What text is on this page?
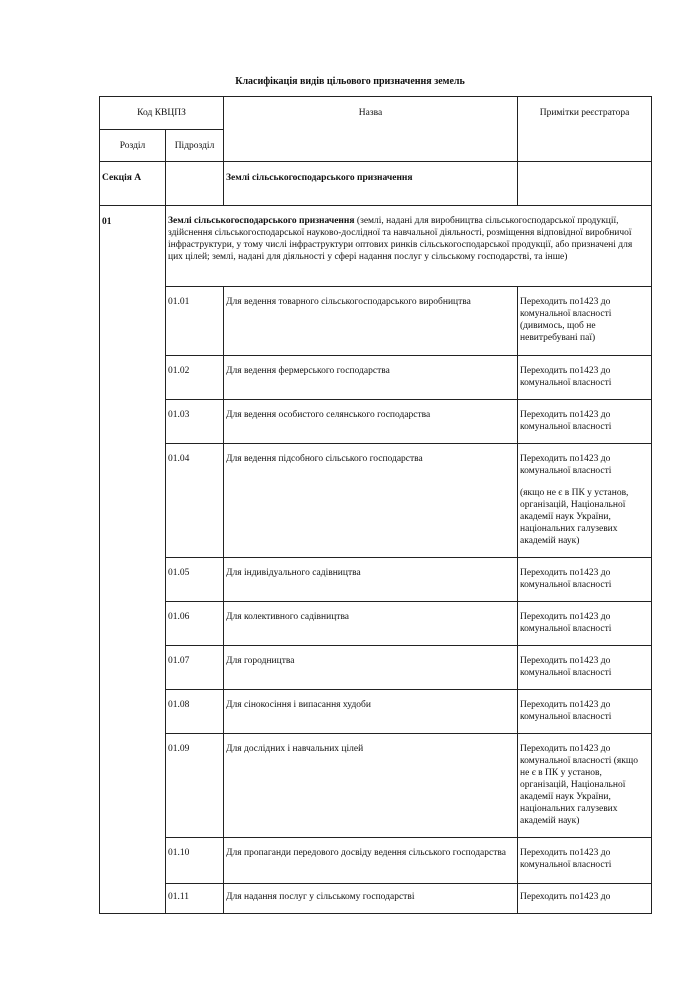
Класифікація видів цільового призначення земель
Код КВЦПЗ		Назва	Примітки реєстратора
Розділ	Підрозділ		
Секція А		Землі сільськогосподарського призначення	
01	Землі сільськогосподарського призначення (землі, надані для виробництва сільськогосподарської продукції, здійснення сільськогосподарської науково-дослідної та навчальної діяльності, розміщення відповідної виробничої інфраструктури, у тому числі інфраструктури оптових ринків сільськогосподарської продукції, або призначені для цих цілей; землі, надані для діяльності у сфері надання послуг у сільському господарстві, та інше)		
	01.01	Для ведення товарного сільськогосподарського виробництва	Переходить по1423 до комунальної власності (дивимось, щоб не невитребувані паї)
	01.02	Для ведення фермерського господарства	Переходить по1423 до комунальної власності
	01.03	Для ведення особистого селянського господарства	Переходить по1423 до комунальної власності
	01.04	Для ведення підсобного сільського господарства	Переходить по1423 до комунальної власності

(якщо не є в ПК у установ, організацій, Національної академії наук України, національних галузевих академій наук)

	01.05	Для індивідуального садівництва	Переходить по1423 до комунальної власності
	01.06	Для колективного садівництва	Переходить по1423 до комунальної власності
	01.07	Для городництва	Переходить по1423 до комунальної власності
	01.08	Для сінокосіння і випасання худоби	Переходить по1423 до комунальної власності
	01.09	Для дослідних і навчальних цілей	Переходить по1423 до комунальної власності (якщо не є в ПК у установ, організацій, Національної академії наук України, національних галузевих академій наук)
	01.10	Для пропаганди передового досвіду ведення сільського господарства	Переходить по1423 до комунальної власності
	01.11	Для надання послуг у сільському господарстві	Переходить по1423 до
